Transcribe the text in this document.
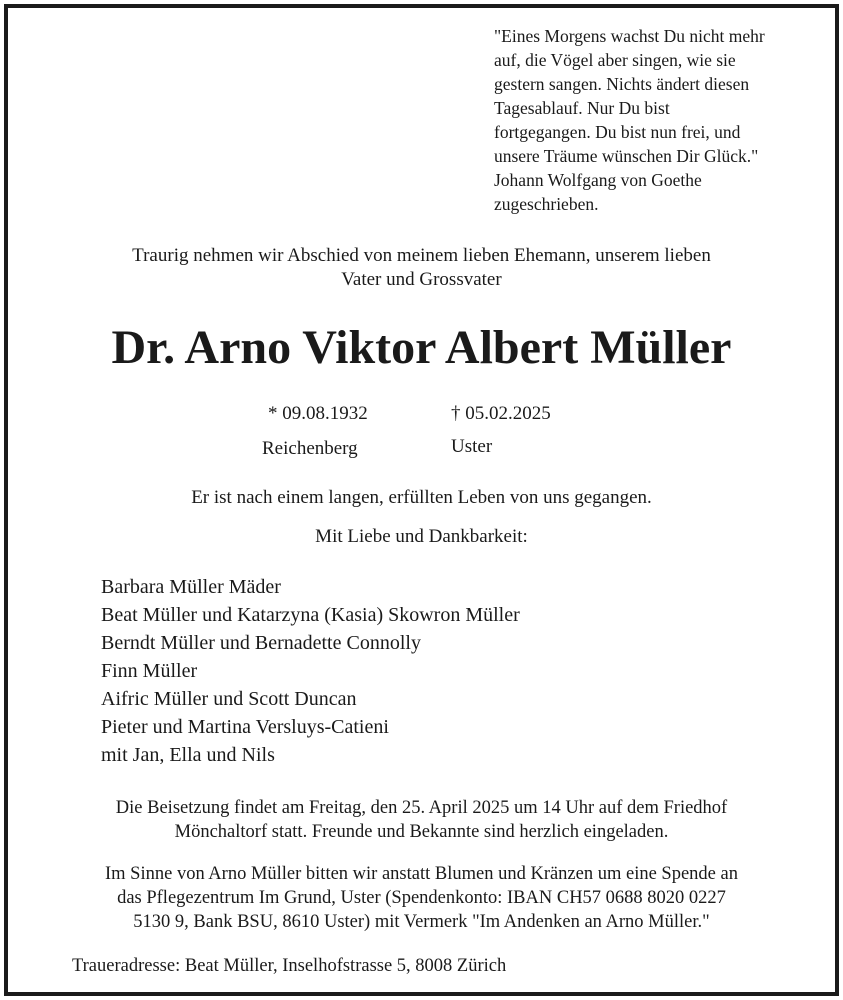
"Eines Morgens wachst Du nicht mehr
auf, die Vögel aber singen, wie sie
gestern sangen. Nichts ändert diesen
Tagesablauf. Nur Du bist
fortgegangen. Du bist nun frei, und
unsere Träume wünschen Dir Glück."
Johann Wolfgang von Goethe
zugeschrieben.
Traurig nehmen wir Abschied von meinem lieben Ehemann, unserem lieben
Vater und Grossvater
Dr. Arno Viktor Albert Müller
* 09.08.1932
Reichenberg
† 05.02.2025
Uster
Er ist nach einem langen, erfüllten Leben von uns gegangen.
Mit Liebe und Dankbarkeit:
Barbara Müller Mäder
Beat Müller und Katarzyna (Kasia) Skowron Müller
Berndt Müller und Bernadette Connolly
Finn Müller
Aifric Müller und Scott Duncan
Pieter und Martina Versluys-Catieni
mit Jan, Ella und Nils
Die Beisetzung findet am Freitag, den 25. April 2025 um 14 Uhr auf dem Friedhof
Mönchaltorf statt. Freunde und Bekannte sind herzlich eingeladen.
Im Sinne von Arno Müller bitten wir anstatt Blumen und Kränzen um eine Spende an
das Pflegezentrum Im Grund, Uster (Spendenkonto: IBAN CH57 0688 8020 0227
5130 9, Bank BSU, 8610 Uster) mit Vermerk "Im Andenken an Arno Müller."
Traueradresse: Beat Müller, Inselhofstrasse 5, 8008 Zürich
